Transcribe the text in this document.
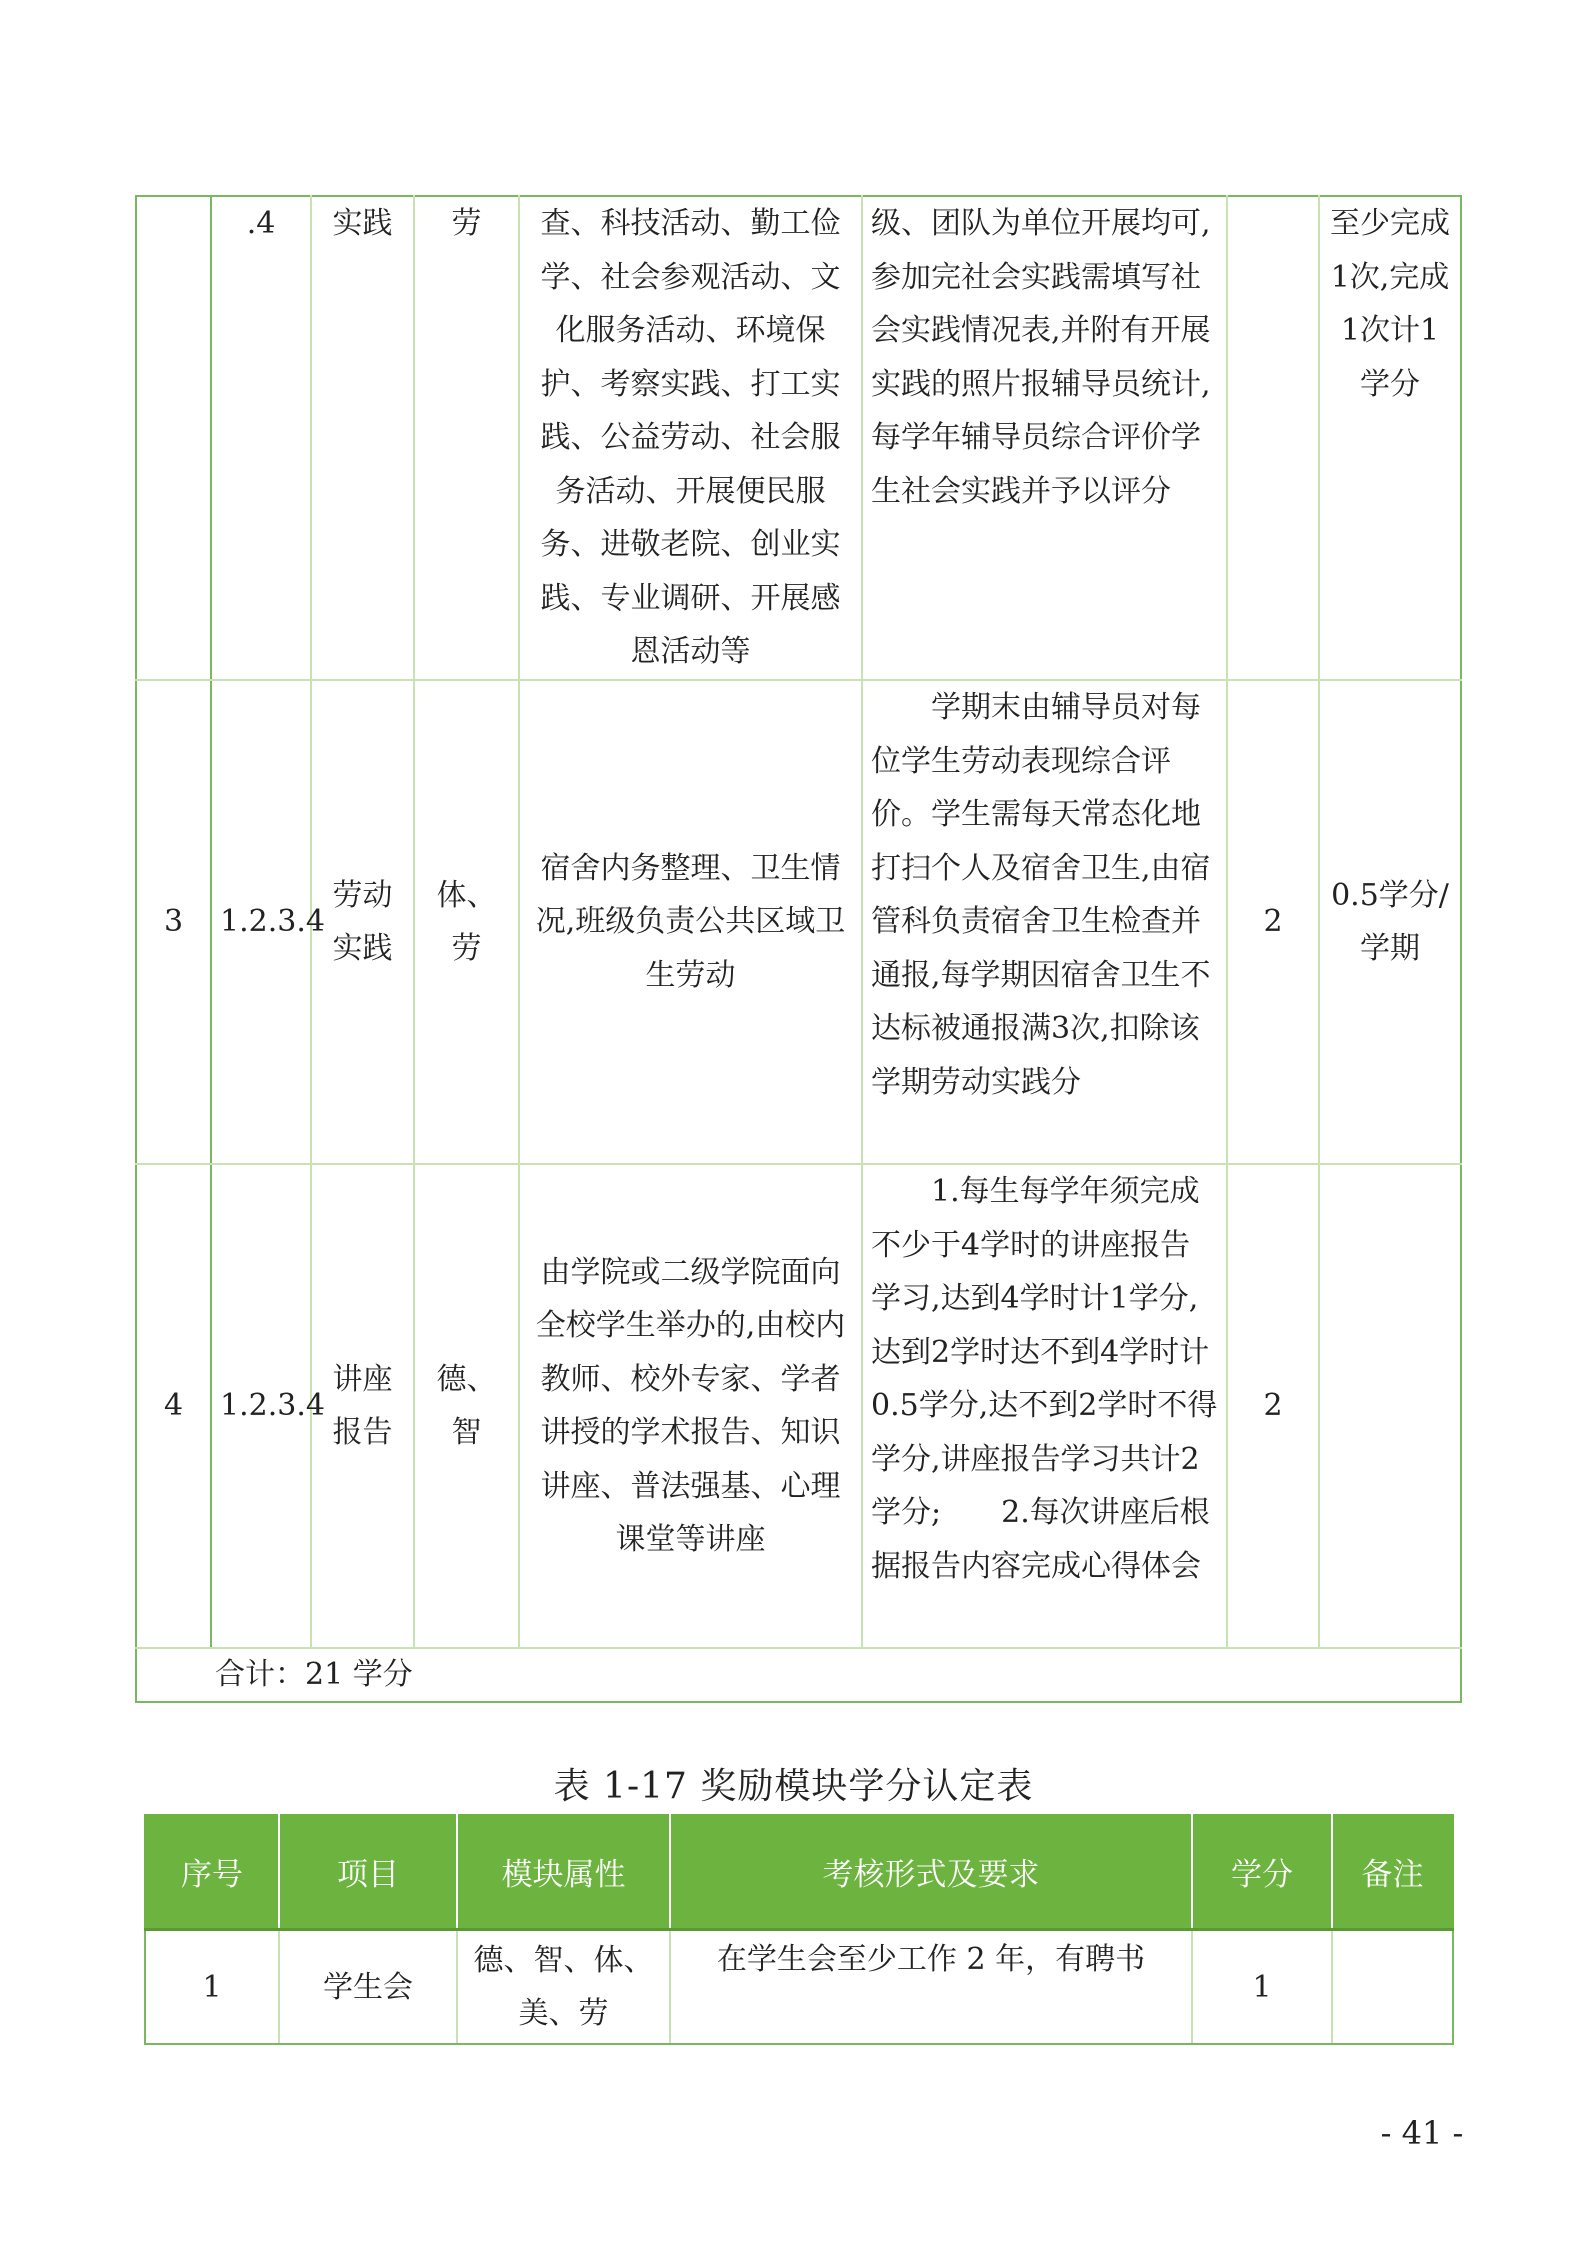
	.4	实践	劳	查、科技活动、勤工俭学、社会参观活动、文化服务活动、环境保护、考察实践、打工实践、公益劳动、社会服务活动、开展便民服务、进敬老院、创业实践、专业调研、开展感恩活动等	级、团队为单位开展均可,参加完社会实践需填写社会实践情况表,并附有开展实践的照片报辅导员统计,每学年辅导员综合评价学生社会实践并予以评分		至少完成1次,完成1次计1学分
3	1.2.3.4	劳动实践	体、劳	宿舍内务整理、卫生情况,班级负责公共区域卫生劳动	　　学期末由辅导员对每位学生劳动表现综合评价。学生需每天常态化地打扫个人及宿舍卫生,由宿管科负责宿舍卫生检查并通报,每学期因宿舍卫生不达标被通报满3次,扣除该学期劳动实践分	2	0.5学分/学期
4	1.2.3.4	讲座报告	德、智	由学院或二级学院面向全校学生举办的,由校内教师、校外专家、学者讲授的学术报告、知识讲座、普法强基、心理课堂等讲座	　　1.每生每学年须完成不少于4学时的讲座报告学习,达到4学时计1学分,达到2学时达不到4学时计0.5学分,达不到2学时不得学分,讲座报告学习共计2学分;　　2.每次讲座后根据报告内容完成心得体会	2	
合计：21 学分							
表 1-17 奖励模块学分认定表
序号	项目	模块属性	考核形式及要求	学分	备注
1	学生会	德、智、体、美、劳	在学生会至少工作 2 年，有聘书	1	
- 41 -
